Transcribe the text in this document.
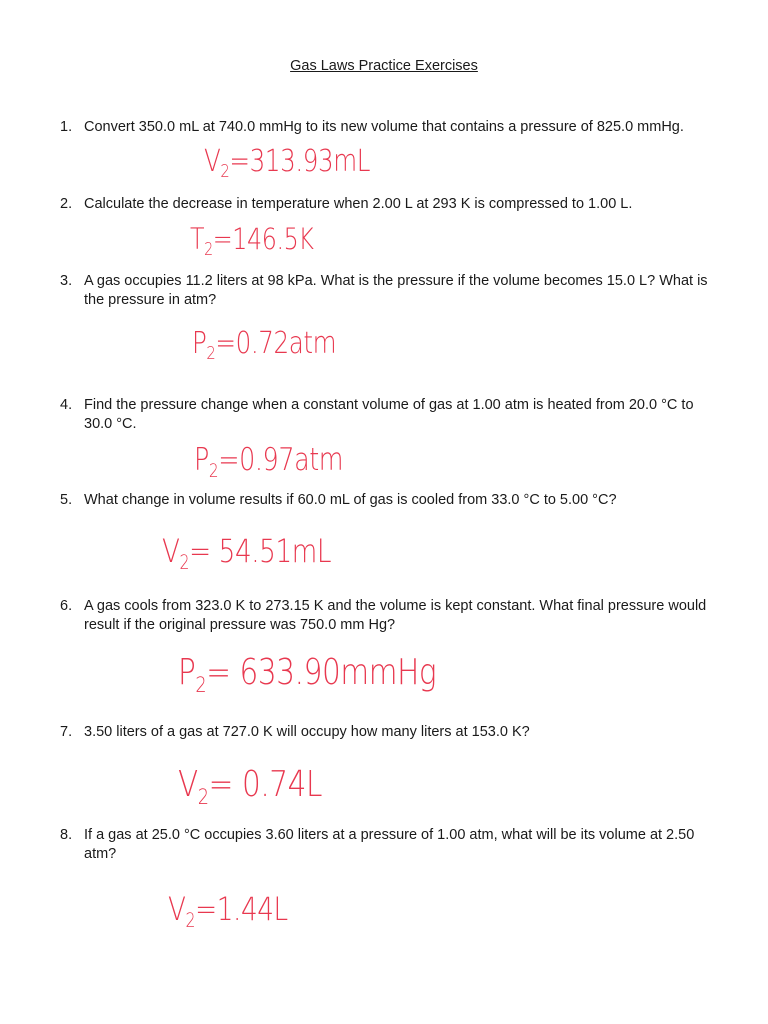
Gas Laws Practice Exercises
1. Convert 350.0 mL at 740.0 mmHg to its new volume that contains a pressure of 825.0 mmHg.
$V_2=313.93mL$
2. Calculate the decrease in temperature when 2.00 L at 293 K is compressed to 1.00 L.
$T_2=146.5K$
3. A gas occupies 11.2 liters at 98 kPa. What is the pressure if the volume becomes 15.0 L? What is the pressure in atm?
$P_2=0.72atm$
4. Find the pressure change when a constant volume of gas at 1.00 atm is heated from 20.0 °C to 30.0 °C.
$P_2=0.97atm$
5. What change in volume results if 60.0 mL of gas is cooled from 33.0 °C to 5.00 °C?
$V_2= 54.51mL$
6. A gas cools from 323.0 K to 273.15 K and the volume is kept constant. What final pressure would result if the original pressure was 750.0 mm Hg?
$P_2=$ 633.90mmHg
7. 3.50 liters of a gas at 727.0 K will occupy how many liters at 153.0 K?
$V_2= 0.74L$
8. If a gas at 25.0 °C occupies 3.60 liters at a pressure of 1.00 atm, what will be its volume at 2.50 atm?
$V_2=1.44L$
